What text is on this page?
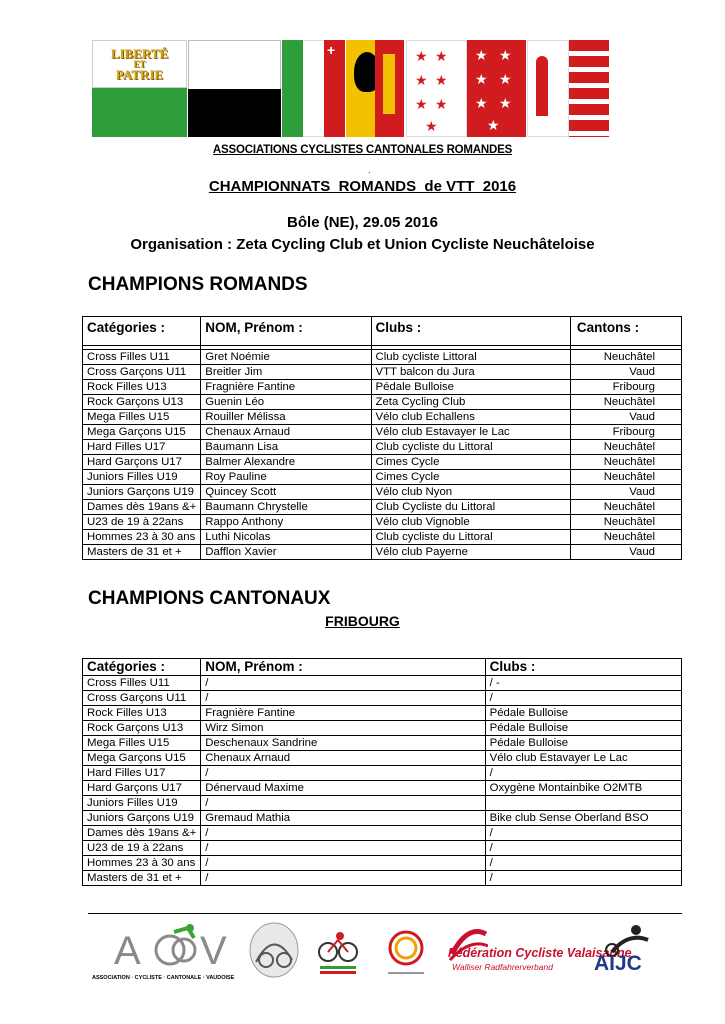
LIBERTÉ
ET
PATRIE
+	★ ★
★ ★
★ ★
★
★ ★
★ ★
★ ★
★
ASSOCIATIONS CYCLISTES CANTONALES ROMANDES
.
CHAMPIONNATS  ROMANDS  de VTT  2016
Bôle (NE), 29.05 2016
Organisation : Zeta Cycling Club et Union Cycliste Neuchâteloise
CHAMPIONS ROMANDS
Catégories :	NOM, Prénom :	Clubs :	Cantons :

Cross Filles U11	Gret Noémie	Club cycliste Littoral	Neuchâtel
Cross Garçons U11	Breitler Jim	VTT balcon du Jura	Vaud
Rock Filles U13	Fragnière Fantine	Pédale Bulloise	Fribourg
Rock Garçons U13	Guenin Léo	Zeta Cycling Club	Neuchâtel
Mega Filles U15	Rouiller Mélissa	Vélo club Echallens	Vaud
Mega Garçons U15	Chenaux Arnaud	Vélo club Estavayer le Lac	Fribourg
Hard Filles U17	Baumann Lisa	Club cycliste du Littoral	Neuchâtel
Hard Garçons U17	Balmer Alexandre	Cimes Cycle	Neuchâtel
Juniors Filles U19	Roy Pauline	Cimes Cycle	Neuchâtel
Juniors Garçons U19	Quincey Scott	Vélo club Nyon	Vaud
Dames dès 19ans &+	Baumann Chrystelle	Club Cycliste du Littoral	Neuchâtel
U23 de 19 à 22ans	Rappo Anthony	Vélo club Vignoble	Neuchâtel
Hommes 23 à 30 ans	Luthi Nicolas	Club cycliste du Littoral	Neuchâtel
Masters de 31 et +	Dafflon Xavier	Vélo club Payerne	Vaud
CHAMPIONS CANTONAUX
FRIBOURG
Catégories :	NOM, Prénom :	Clubs :
Cross Filles U11	/	/ -
Cross Garçons U11	/	/
Rock Filles U13	Fragnière Fantine	Pédale Bulloise
Rock Garçons U13	Wirz Simon	Pédale Bulloise
Mega Filles U15	Deschenaux Sandrine	Pédale Bulloise
Mega Garçons U15	Chenaux Arnaud	Vélo club Estavayer Le Lac
Hard Filles U17	/	/
Hard Garçons U17	Dénervaud Maxime	Oxygène Montainbike O2MTB
Juniors Filles U19	/	
Juniors Garçons U19	Gremaud Mathia	Bike club Sense Oberland BSO
Dames dès 19ans &+	/	/
U23 de 19 à 22ans	/	/
Hommes 23 à 30 ans	/	/
Masters de 31 et +	/	/
A V
ASSOCIATION · CYCLISTE · CANTONALE · VAUDOISE
Fédération Cycliste Valaisanne
Walliser Radfahrerverband AIJC
